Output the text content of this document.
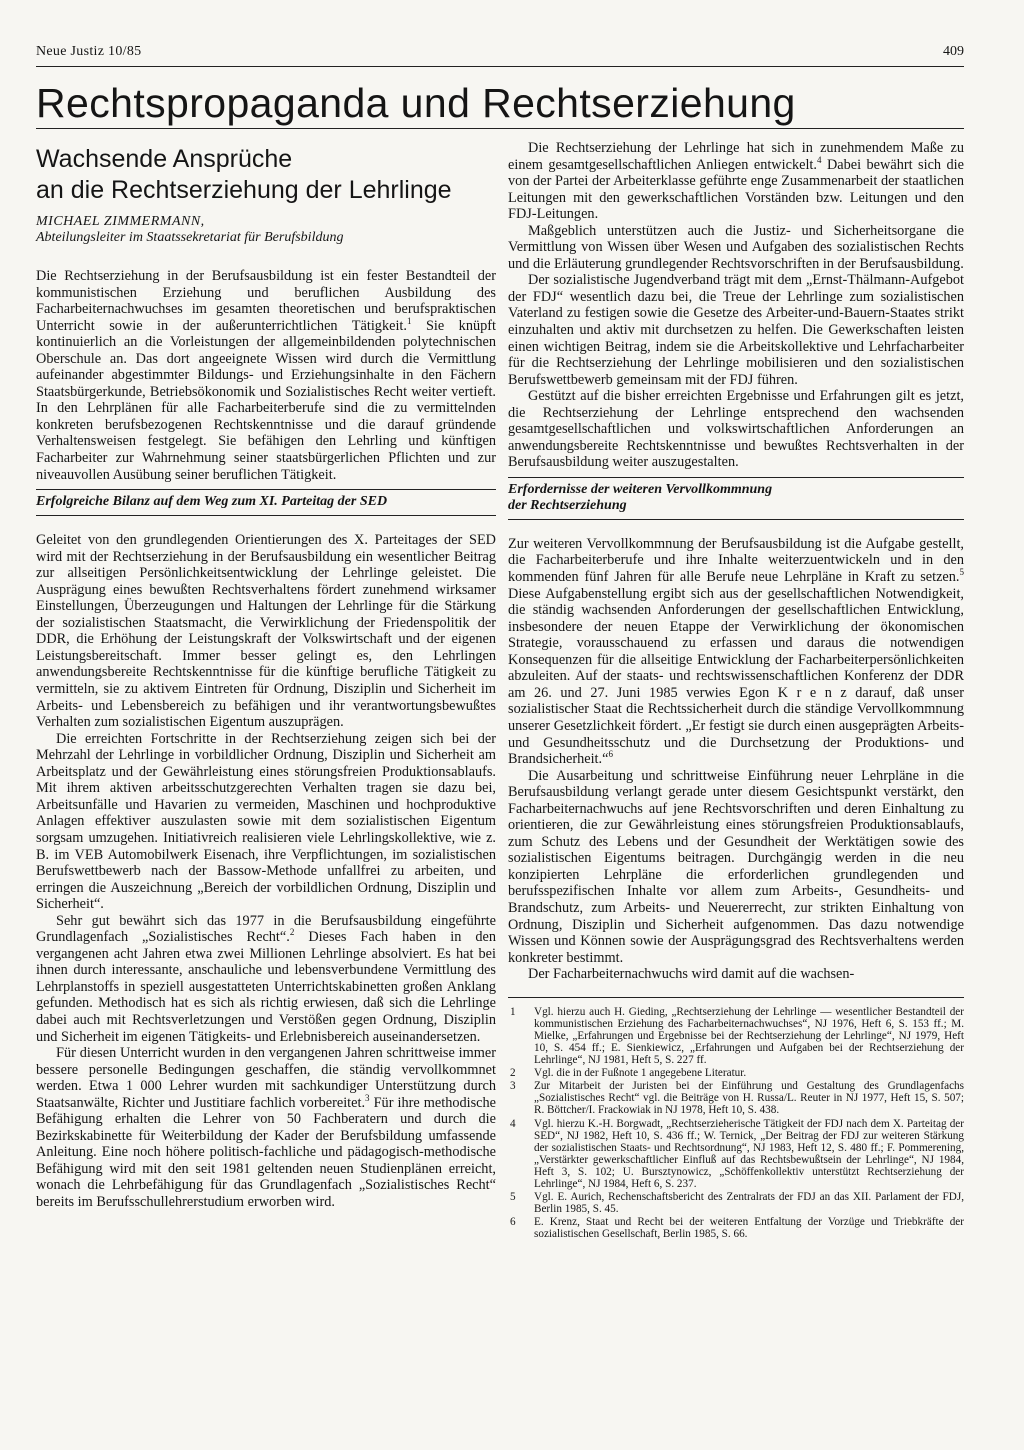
Neue Justiz 10/85	409
Rechtspropaganda und Rechtserziehung
Wachsende Ansprüche
an die Rechtserziehung der Lehrlinge
MICHAEL ZIMMERMANN,
Abteilungsleiter im Staatssekretariat für Berufsbildung

Die Rechtserziehung in der Berufsausbildung ist ein fester Bestandteil der kommunistischen Erziehung und beruflichen Ausbildung des Facharbeiternachwuchses im gesamten theoretischen und berufspraktischen Unterricht sowie in der außerunterrichtlichen Tätigkeit.$^1$ Sie knüpft kontinuierlich an die Vorleistungen der allgemeinbildenden polytechnischen Oberschule an. Das dort angeeignete Wissen wird durch die Vermittlung aufeinander abgestimmter Bildungs- und Erziehungsinhalte in den Fächern Staatsbürgerkunde, Betriebsökonomik und Sozialistisches Recht weiter vertieft. In den Lehrplänen für alle Facharbeiterberufe sind die zu vermittelnden konkreten berufsbezogenen Rechtskenntnisse und die darauf gründende Verhaltensweisen festgelegt. Sie befähigen den Lehrling und künftigen Facharbeiter zur Wahrnehmung seiner staatsbürgerlichen Pflichten und zur niveauvollen Ausübung seiner beruflichen Tätigkeit.

Erfolgreiche Bilanz auf dem Weg zum XI. Parteitag der SED

Geleitet von den grundlegenden Orientierungen des X. Parteitages der SED wird mit der Rechtserziehung in der Berufsausbildung ein wesentlicher Beitrag zur allseitigen Persönlichkeitsentwicklung der Lehrlinge geleistet. Die Ausprägung eines bewußten Rechtsverhaltens fördert zunehmend wirksamer Einstellungen, Überzeugungen und Haltungen der Lehrlinge für die Stärkung der sozialistischen Staatsmacht, die Verwirklichung der Friedenspolitik der DDR, die Erhöhung der Leistungskraft der Volkswirtschaft und der eigenen Leistungsbereitschaft. Immer besser gelingt es, den Lehrlingen anwendungsbereite Rechtskenntnisse für die künftige berufliche Tätigkeit zu vermitteln, sie zu aktivem Eintreten für Ordnung, Disziplin und Sicherheit im Arbeits- und Lebensbereich zu befähigen und ihr verantwortungsbewußtes Verhalten zum sozialistischen Eigentum auszuprägen.

Die erreichten Fortschritte in der Rechtserziehung zeigen sich bei der Mehrzahl der Lehrlinge in vorbildlicher Ordnung, Disziplin und Sicherheit am Arbeitsplatz und der Gewährleistung eines störungsfreien Produktionsablaufs. Mit ihrem aktiven arbeitsschutzgerechten Verhalten tragen sie dazu bei, Arbeitsunfälle und Havarien zu vermeiden, Maschinen und hochproduktive Anlagen effektiver auszulasten sowie mit dem sozialistischen Eigentum sorgsam umzugehen. Initiativreich realisieren viele Lehrlingskollektive, wie z. B. im VEB Automobilwerk Eisenach, ihre Verpflichtungen, im sozialistischen Berufswettbewerb nach der Bassow-Methode unfallfrei zu arbeiten, und erringen die Auszeichnung „Bereich der vorbildlichen Ordnung, Disziplin und Sicherheit“.

Sehr gut bewährt sich das 1977 in die Berufsausbildung eingeführte Grundlagenfach „Sozialistisches Recht“.$^2$ Dieses Fach haben in den vergangenen acht Jahren etwa zwei Millionen Lehrlinge absolviert. Es hat bei ihnen durch interessante, anschauliche und lebensverbundene Vermittlung des Lehrplanstoffs in speziell ausgestatteten Unterrichtskabinetten großen Anklang gefunden. Methodisch hat es sich als richtig erwiesen, daß sich die Lehrlinge dabei auch mit Rechtsverletzungen und Verstößen gegen Ordnung, Disziplin und Sicherheit im eigenen Tätigkeits- und Erlebnisbereich auseinandersetzen.

Für diesen Unterricht wurden in den vergangenen Jahren schrittweise immer bessere personelle Bedingungen geschaffen, die ständig vervollkommnet werden. Etwa 1 000 Lehrer wurden mit sachkundiger Unterstützung durch Staatsanwälte, Richter und Justitiare fachlich vorbereitet.$^3$ Für ihre methodische Befähigung erhalten die Lehrer von 50 Fachberatern und durch die Bezirkskabinette für Weiterbildung der Kader der Berufsbildung umfassende Anleitung. Eine noch höhere politisch-fachliche und pädagogisch-methodische Befähigung wird mit den seit 1981 geltenden neuen Studienplänen erreicht, wonach die Lehrbefähigung für das Grundlagenfach „Sozialistisches Recht“ bereits im Berufsschullehrerstudium erworben wird.

Die Rechtserziehung der Lehrlinge hat sich in zunehmendem Maße zu einem gesamtgesellschaftlichen Anliegen entwickelt.$^4$ Dabei bewährt sich die von der Partei der Arbeiterklasse geführte enge Zusammenarbeit der staatlichen Leitungen mit den gewerkschaftlichen Vorständen bzw. Leitungen und den FDJ-Leitungen.

Maßgeblich unterstützen auch die Justiz- und Sicherheitsorgane die Vermittlung von Wissen über Wesen und Aufgaben des sozialistischen Rechts und die Erläuterung grundlegender Rechtsvorschriften in der Berufsausbildung.

Der sozialistische Jugendverband trägt mit dem „Ernst-Thälmann-Aufgebot der FDJ“ wesentlich dazu bei, die Treue der Lehrlinge zum sozialistischen Vaterland zu festigen sowie die Gesetze des Arbeiter-und-Bauern-Staates strikt einzuhalten und aktiv mit durchsetzen zu helfen. Die Gewerkschaften leisten einen wichtigen Beitrag, indem sie die Arbeitskollektive und Lehrfacharbeiter für die Rechtserziehung der Lehrlinge mobilisieren und den sozialistischen Berufswettbewerb gemeinsam mit der FDJ führen.

Gestützt auf die bisher erreichten Ergebnisse und Erfahrungen gilt es jetzt, die Rechtserziehung der Lehrlinge entsprechend den wachsenden gesamtgesellschaftlichen und volkswirtschaftlichen Anforderungen an anwendungsbereite Rechtskenntnisse und bewußtes Rechtsverhalten in der Berufsausbildung weiter auszugestalten.

Erfordernisse der weiteren Vervollkommnung
der Rechtserziehung

Zur weiteren Vervollkommnung der Berufsausbildung ist die Aufgabe gestellt, die Facharbeiterberufe und ihre Inhalte weiterzuentwickeln und in den kommenden fünf Jahren für alle Berufe neue Lehrpläne in Kraft zu setzen.$^5$ Diese Aufgabenstellung ergibt sich aus der gesellschaftlichen Notwendigkeit, die ständig wachsenden Anforderungen der gesellschaftlichen Entwicklung, insbesondere der neuen Etappe der Verwirklichung der ökonomischen Strategie, vorausschauend zu erfassen und daraus die notwendigen Konsequenzen für die allseitige Entwicklung der Facharbeiterpersönlichkeiten abzuleiten. Auf der staats- und rechtswissenschaftlichen Konferenz der DDR am 26. und 27. Juni 1985 verwies Egon K r e n z darauf, daß unser sozialistischer Staat die Rechtssicherheit durch die ständige Vervollkommnung unserer Gesetzlichkeit fördert. „Er festigt sie durch einen ausgeprägten Arbeits- und Gesundheitsschutz und die Durchsetzung der Produktions- und Brandsicherheit.“$^6$

Die Ausarbeitung und schrittweise Einführung neuer Lehrpläne in die Berufsausbildung verlangt gerade unter diesem Gesichtspunkt verstärkt, den Facharbeiternachwuchs auf jene Rechtsvorschriften und deren Einhaltung zu orientieren, die zur Gewährleistung eines störungsfreien Produktionsablaufs, zum Schutz des Lebens und der Gesundheit der Werktätigen sowie des sozialistischen Eigentums beitragen. Durchgängig werden in die neu konzipierten Lehrpläne die erforderlichen grundlegenden und berufsspezifischen Inhalte vor allem zum Arbeits-, Gesundheits- und Brandschutz, zum Arbeits- und Neuererrecht, zur strikten Einhaltung von Ordnung, Disziplin und Sicherheit aufgenommen. Das dazu notwendige Wissen und Können sowie der Ausprägungsgrad des Rechtsverhaltens werden konkreter bestimmt.

Der Facharbeiternachwuchs wird damit auf die wachsen-

1 Vgl. hierzu auch H. Gieding, „Rechtserziehung der Lehrlinge — wesentlicher Bestandteil der kommunistischen Erziehung des Facharbeiternachwuchses“, NJ 1976, Heft 6, S. 153 ff.; M. Mielke, „Erfahrungen und Ergebnisse bei der Rechtserziehung der Lehrlinge“, NJ 1979, Heft 10, S. 454 ff.; E. Sienkiewicz, „Erfahrungen und Aufgaben bei der Rechtserziehung der Lehrlinge“, NJ 1981, Heft 5, S. 227 ff.
2 Vgl. die in der Fußnote 1 angegebene Literatur.
3 Zur Mitarbeit der Juristen bei der Einführung und Gestaltung des Grundlagenfachs „Sozialistisches Recht“ vgl. die Beiträge von H. Russa/L. Reuter in NJ 1977, Heft 15, S. 507; R. Böttcher/I. Frackowiak in NJ 1978, Heft 10, S. 438.
4 Vgl. hierzu K.-H. Borgwadt, „Rechtserzieherische Tätigkeit der FDJ nach dem X. Parteitag der SED“, NJ 1982, Heft 10, S. 436 ff.; W. Ternick, „Der Beitrag der FDJ zur weiteren Stärkung der sozialistischen Staats- und Rechtsordnung“, NJ 1983, Heft 12, S. 480 ff.; F. Pommerening, „Verstärkter gewerkschaftlicher Einfluß auf das Rechtsbewußtsein der Lehrlinge“, NJ 1984, Heft 3, S. 102; U. Bursztynowicz, „Schöffenkollektiv unterstützt Rechtserziehung der Lehrlinge“, NJ 1984, Heft 6, S. 237.
5 Vgl. E. Aurich, Rechenschaftsbericht des Zentralrats der FDJ an das XII. Parlament der FDJ, Berlin 1985, S. 45.
6 E. Krenz, Staat und Recht bei der weiteren Entfaltung der Vorzüge und Triebkräfte der sozialistischen Gesellschaft, Berlin 1985, S. 66.
